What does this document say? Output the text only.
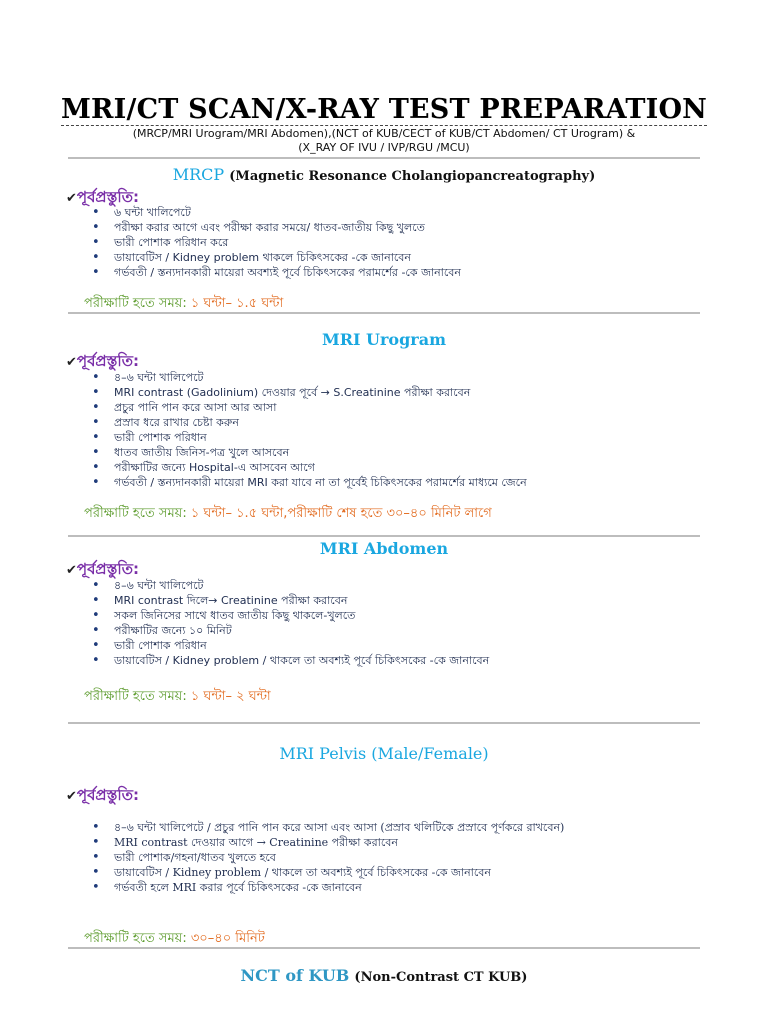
MRI/CT SCAN/X-RAY TEST PREPARATION
(MRCP/MRI Urogram/MRI Abdomen),(NCT of KUB/CECT of KUB/CT Abdomen/ CT Urogram) &
(X_RAY OF IVU / IVP/RGU /MCU)
MRCP (Magnetic Resonance Cholangiopancreatography)
✔পূর্বপ্রস্তুতি:
• ৬ ঘন্টা খালিপেটে
• পরীক্ষা করার আগে এবং পরীক্ষা করার সময়ে/ ধাতব-জাতীয় কিছু খুলতে
• ভারী পোশাক পরিধান করে
• ডায়াবেটিস / Kidney problem থাকলে চিকিৎসকের -কে জানাবেন
• গর্ভবতী / স্তন্যদানকারী মায়েরা অবশ্যই পূর্বে চিকিৎসকের পরামর্শের -কে জানাবেন
পরীক্ষাটি হতে সময়: ১ ঘন্টা– ১.৫ ঘন্টা
MRI Urogram
✔পূর্বপ্রস্তুতি:
• ৪–৬ ঘন্টা খালিপেটে
• MRI contrast (Gadolinium) দেওয়ার পূর্বে → S.Creatinine পরীক্ষা করাবেন
• প্রচুর পানি পান করে আসা আর আসা
• প্রস্রাব ধরে রাখার চেষ্টা করুন
• ভারী পোশাক পরিধান
• ধাতব জাতীয় জিনিস-পত্র খুলে আসবেন
• পরীক্ষাটির জন্যে Hospital-এ আসবেন আগে
• গর্ভবতী / স্তন্যদানকারী মায়েরা MRI করা যাবে না তা পূর্বেই চিকিৎসকের পরামর্শের মাধ্যমে জেনে
পরীক্ষাটি হতে সময়: ১ ঘন্টা– ১.৫ ঘন্টা,পরীক্ষাটি শেষ হতে ৩০–৪০ মিনিট লাগে
MRI Abdomen
✔পূর্বপ্রস্তুতি:
• ৪–৬ ঘন্টা খালিপেটে
• MRI contrast দিলে→ Creatinine পরীক্ষা করাবেন
• সকল জিনিসের সাথে ধাতব জাতীয় কিছু থাকলে-খুলতে
• পরীক্ষাটির জন্যে ১০ মিনিট
• ভারী পোশাক পরিধান
• ডায়াবেটিস / Kidney problem / থাকলে তা অবশ্যই পূর্বে চিকিৎসকের -কে জানাবেন
পরীক্ষাটি হতে সময়: ১ ঘন্টা– ২ ঘন্টা
MRI Pelvis (Male/Female)
✔পূর্বপ্রস্তুতি:
• ৪–৬ ঘন্টা খালিপেটে / প্রচুর পানি পান করে আসা এবং আসা (প্রস্রাব থলিটিকে প্রস্রাবে পূর্ণকরে রাখবেন)
• MRI contrast দেওয়ার আগে → Creatinine পরীক্ষা করাবেন
• ভারী পোশাক/গহনা/ধাতব খুলতে হবে
• ডায়াবেটিস / Kidney problem / থাকলে তা অবশ্যই পূর্বে চিকিৎসকের -কে জানাবেন
• গর্ভবতী হলে MRI করার পূর্বে চিকিৎসকের -কে জানাবেন
পরীক্ষাটি হতে সময়: ৩০–৪০ মিনিট
NCT of KUB (Non-Contrast CT KUB)
